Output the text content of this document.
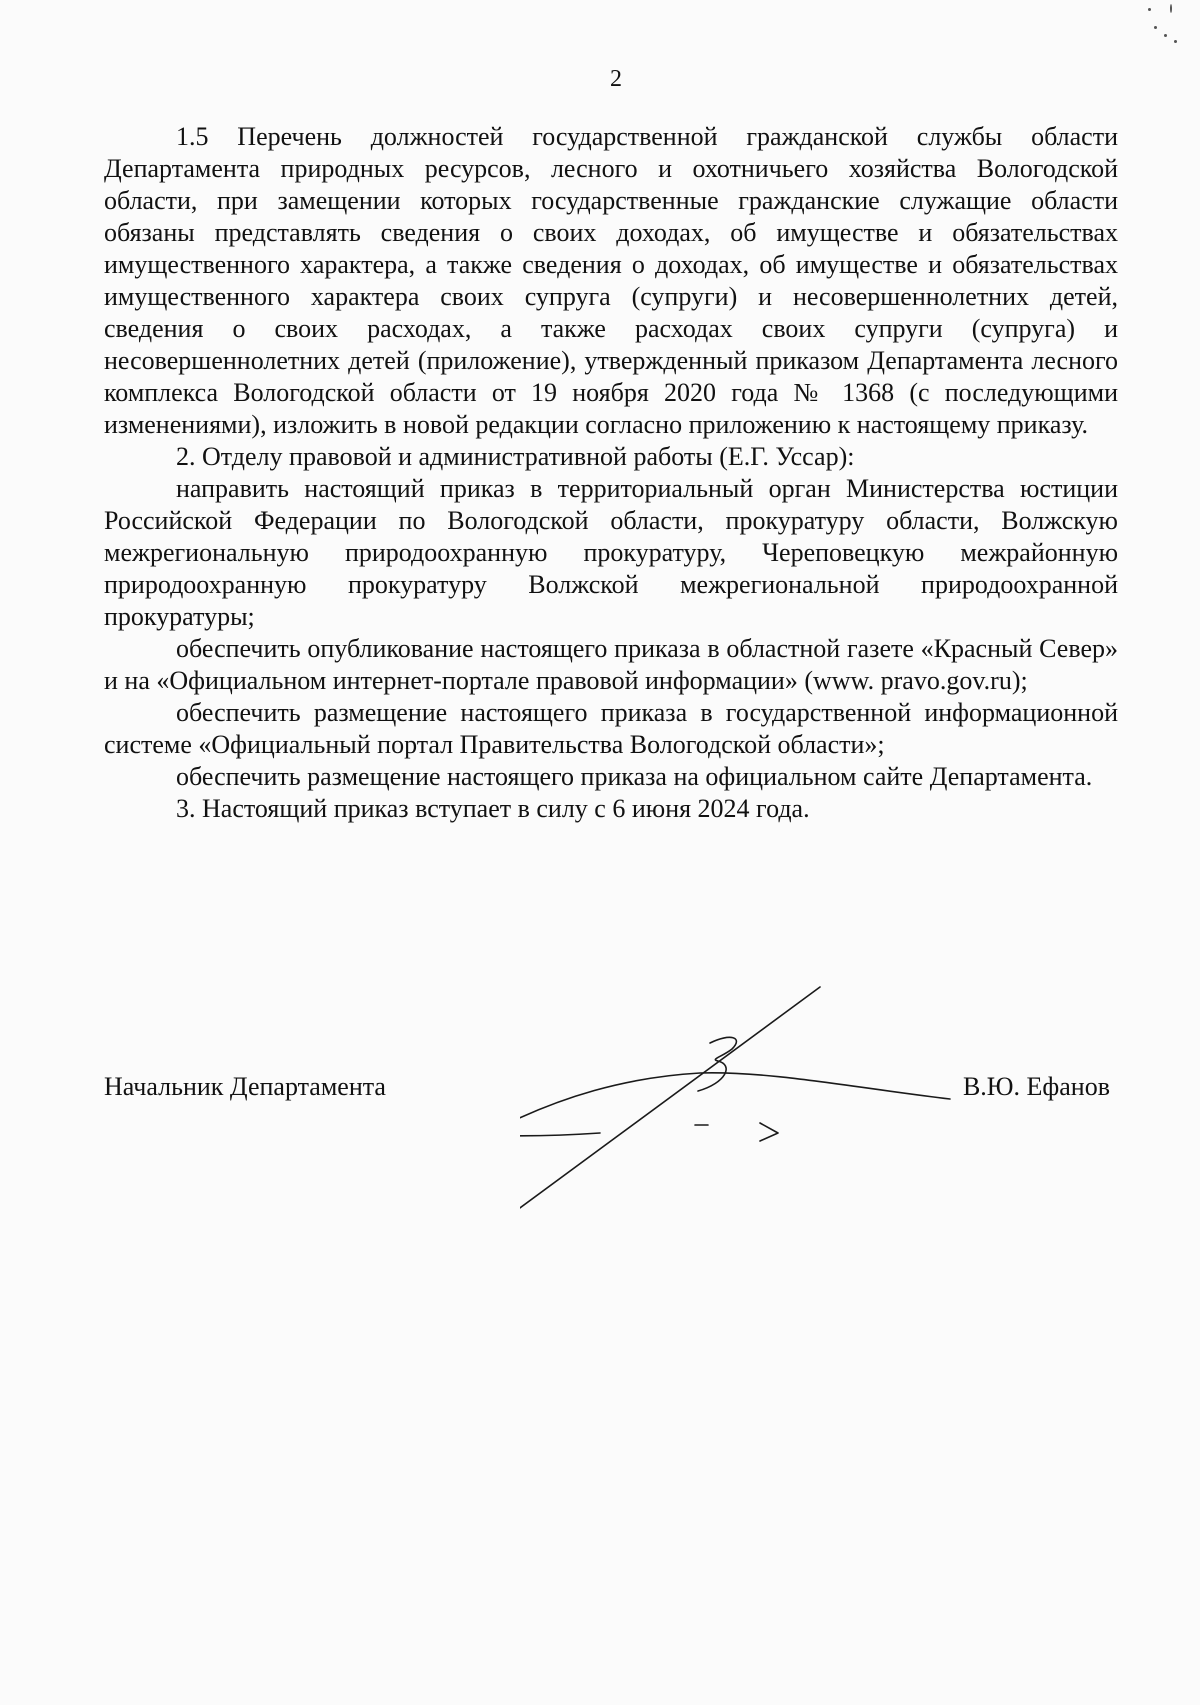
2

1.5 Перечень должностей государственной гражданской службы области Департамента природных ресурсов, лесного и охотничьего хозяйства Вологодской области, при замещении которых государственные гражданские служащие области обязаны представлять сведения о своих доходах, об имуществе и обязательствах имущественного характера, а также сведения о доходах, об имуществе и обязательствах имущественного характера своих супруга (супруги) и несовершеннолетних детей, сведения о своих расходах, а также расходах своих супруги (супруга) и несовершеннолетних детей (приложение), утвержденный приказом Департамента лесного комплекса Вологодской области от 19 ноября 2020 года № 1368 (с последующими изменениями), изложить в новой редакции согласно приложению к настоящему приказу.

2. Отделу правовой и административной работы (Е.Г. Уссар):

направить настоящий приказ в территориальный орган Министерства юстиции Российской Федерации по Вологодской области, прокуратуру области, Волжскую межрегиональную природоохранную прокуратуру, Череповецкую межрайонную природоохранную прокуратуру Волжской межрегиональной природоохранной прокуратуры;

обеспечить опубликование настоящего приказа в областной газете «Красный Север» и на «Официальном интернет-портале правовой информации» (www. pravo.gov.ru);

обеспечить размещение настоящего приказа в государственной информационной системе «Официальный портал Правительства Вологодской области»;

обеспечить размещение настоящего приказа на официальном сайте Департамента.

3. Настоящий приказ вступает в силу с 6 июня 2024 года.

Начальник Департамента	В.Ю. Ефанов
